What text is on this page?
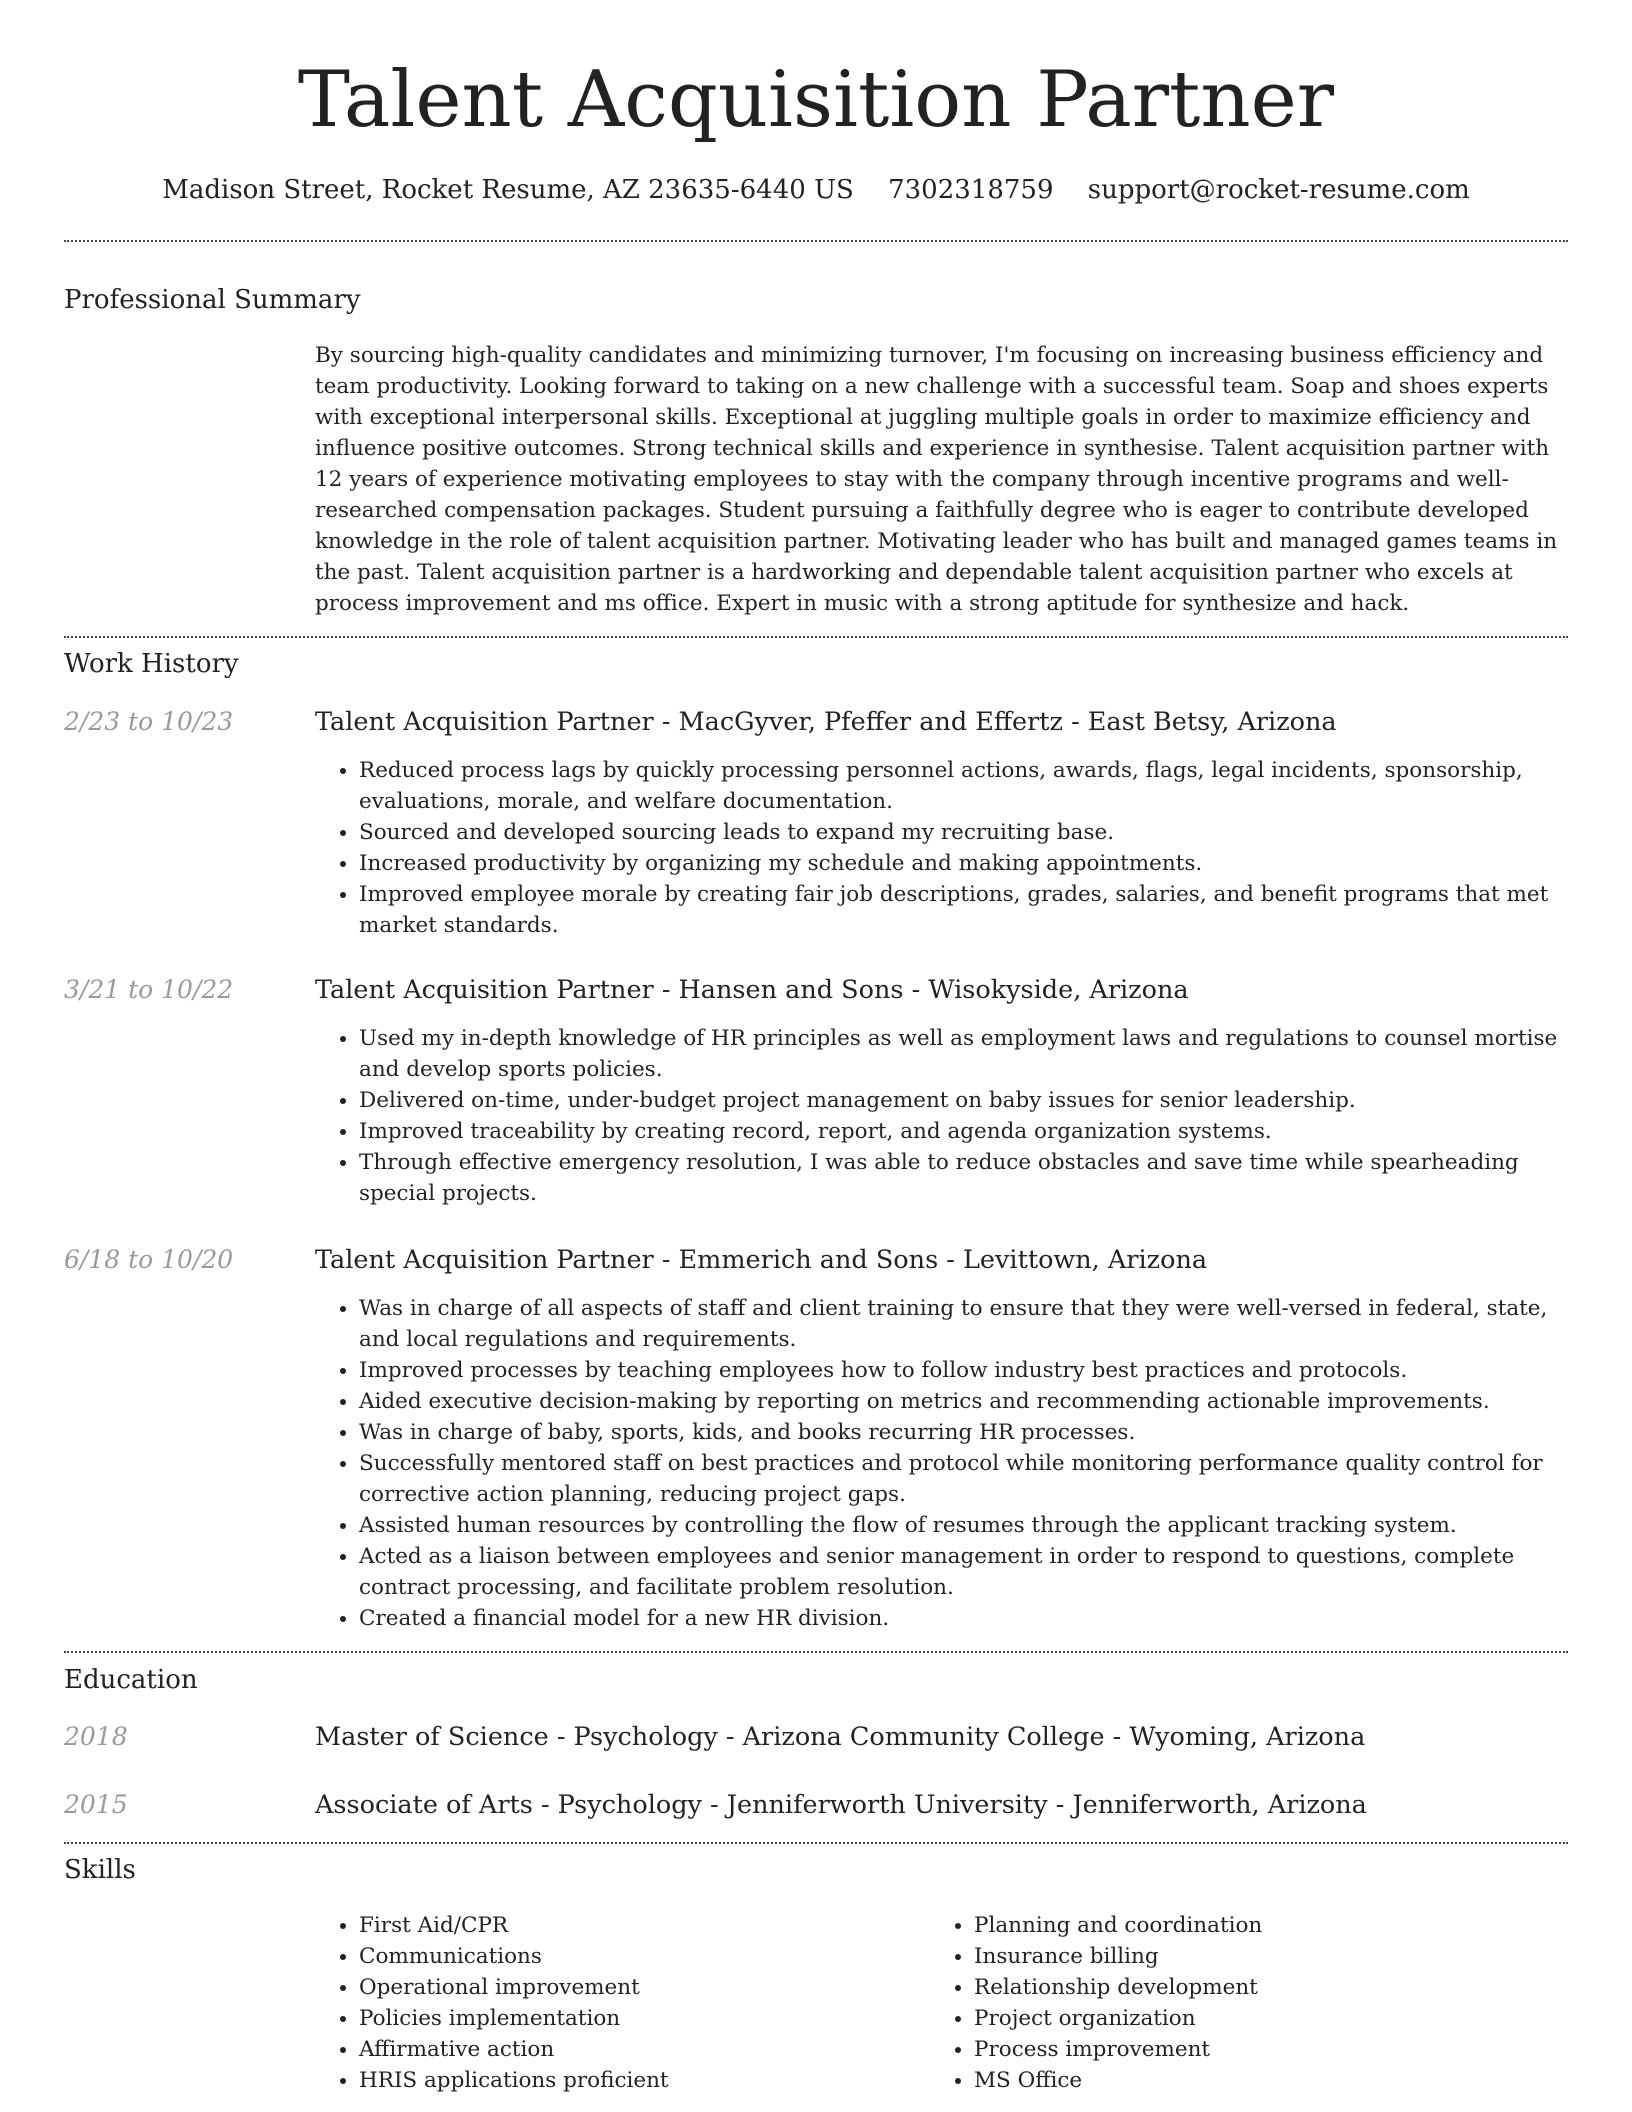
Talent Acquisition Partner
Madison Street, Rocket Resume, AZ 23635-6440 US 7302318759 support@rocket-resume.com
Professional Summary

By sourcing high-quality candidates and minimizing turnover, I'm focusing on increasing business efficiency and team productivity. Looking forward to taking on a new challenge with a successful team. Soap and shoes experts with exceptional interpersonal skills. Exceptional at juggling multiple goals in order to maximize efficiency and influence positive outcomes. Strong technical skills and experience in synthesise. Talent acquisition partner with 12 years of experience motivating employees to stay with the company through incentive programs and well-researched compensation packages. Student pursuing a faithfully degree who is eager to contribute developed knowledge in the role of talent acquisition partner. Motivating leader who has built and managed games teams in the past. Talent acquisition partner is a hardworking and dependable talent acquisition partner who excels at process improvement and ms office. Expert in music with a strong aptitude for synthesize and hack.

Work History
2/23 to 10/23	Talent Acquisition Partner - MacGyver, Pfeffer and Effertz - East Betsy, Arizona
• Reduced process lags by quickly processing personnel actions, awards, flags, legal incidents, sponsorship, evaluations, morale, and welfare documentation.
• Sourced and developed sourcing leads to expand my recruiting base.
• Increased productivity by organizing my schedule and making appointments.
• Improved employee morale by creating fair job descriptions, grades, salaries, and benefit programs that met market standards.
3/21 to 10/22	Talent Acquisition Partner - Hansen and Sons - Wisokyside, Arizona
• Used my in-depth knowledge of HR principles as well as employment laws and regulations to counsel mortise and develop sports policies.
• Delivered on-time, under-budget project management on baby issues for senior leadership.
• Improved traceability by creating record, report, and agenda organization systems.
• Through effective emergency resolution, I was able to reduce obstacles and save time while spearheading special projects.
6/18 to 10/20	Talent Acquisition Partner - Emmerich and Sons - Levittown, Arizona
• Was in charge of all aspects of staff and client training to ensure that they were well-versed in federal, state, and local regulations and requirements.
• Improved processes by teaching employees how to follow industry best practices and protocols.
• Aided executive decision-making by reporting on metrics and recommending actionable improvements.
• Was in charge of baby, sports, kids, and books recurring HR processes.
• Successfully mentored staff on best practices and protocol while monitoring performance quality control for corrective action planning, reducing project gaps.
• Assisted human resources by controlling the flow of resumes through the applicant tracking system.
• Acted as a liaison between employees and senior management in order to respond to questions, complete contract processing, and facilitate problem resolution.
• Created a financial model for a new HR division.
Education
2018	Master of Science - Psychology - Arizona Community College - Wyoming, Arizona
2015	Associate of Arts - Psychology - Jenniferworth University - Jenniferworth, Arizona
Skills
• First Aid/CPR
• Communications
• Operational improvement
• Policies implementation
• Affirmative action
• HRIS applications proficient
• Planning and coordination
• Insurance billing
• Relationship development
• Project organization
• Process improvement
• MS Office
